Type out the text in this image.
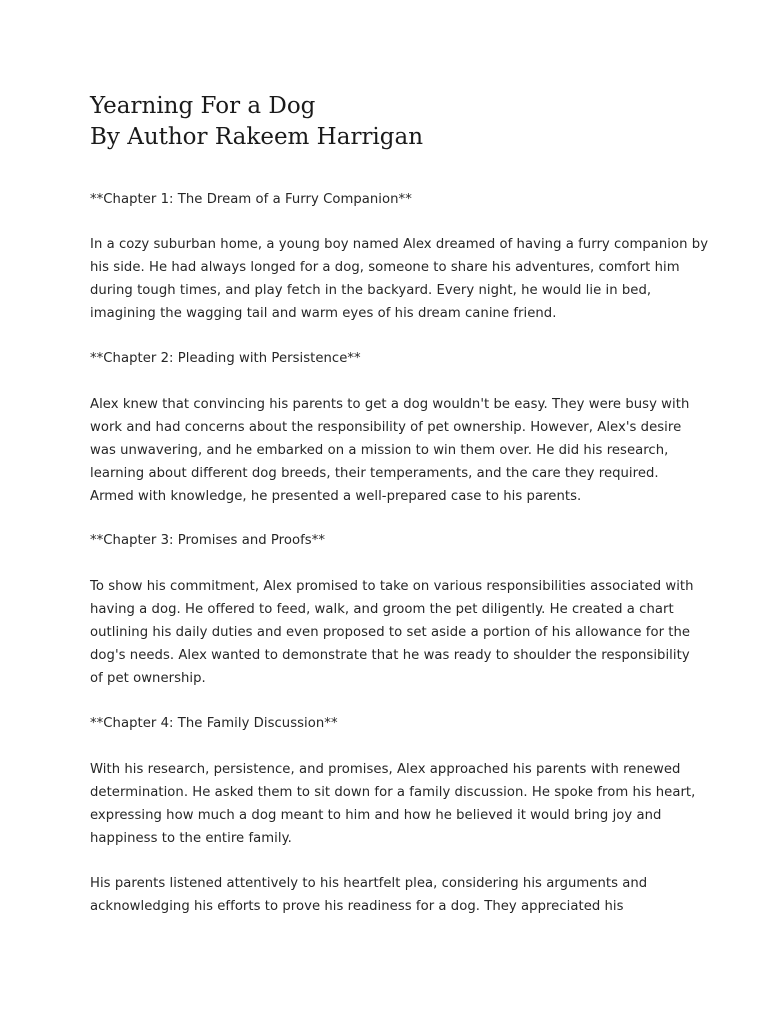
Yearning For a Dog
By Author Rakeem Harrigan
**Chapter 1: The Dream of a Furry Companion**
In a cozy suburban home, a young boy named Alex dreamed of having a furry companion by
his side. He had always longed for a dog, someone to share his adventures, comfort him
during tough times, and play fetch in the backyard. Every night, he would lie in bed,
imagining the wagging tail and warm eyes of his dream canine friend.
**Chapter 2: Pleading with Persistence**
Alex knew that convincing his parents to get a dog wouldn't be easy. They were busy with
work and had concerns about the responsibility of pet ownership. However, Alex's desire
was unwavering, and he embarked on a mission to win them over. He did his research,
learning about different dog breeds, their temperaments, and the care they required.
Armed with knowledge, he presented a well-prepared case to his parents.
**Chapter 3: Promises and Proofs**
To show his commitment, Alex promised to take on various responsibilities associated with
having a dog. He offered to feed, walk, and groom the pet diligently. He created a chart
outlining his daily duties and even proposed to set aside a portion of his allowance for the
dog's needs. Alex wanted to demonstrate that he was ready to shoulder the responsibility
of pet ownership.
**Chapter 4: The Family Discussion**
With his research, persistence, and promises, Alex approached his parents with renewed
determination. He asked them to sit down for a family discussion. He spoke from his heart,
expressing how much a dog meant to him and how he believed it would bring joy and
happiness to the entire family.
His parents listened attentively to his heartfelt plea, considering his arguments and
acknowledging his efforts to prove his readiness for a dog. They appreciated his
